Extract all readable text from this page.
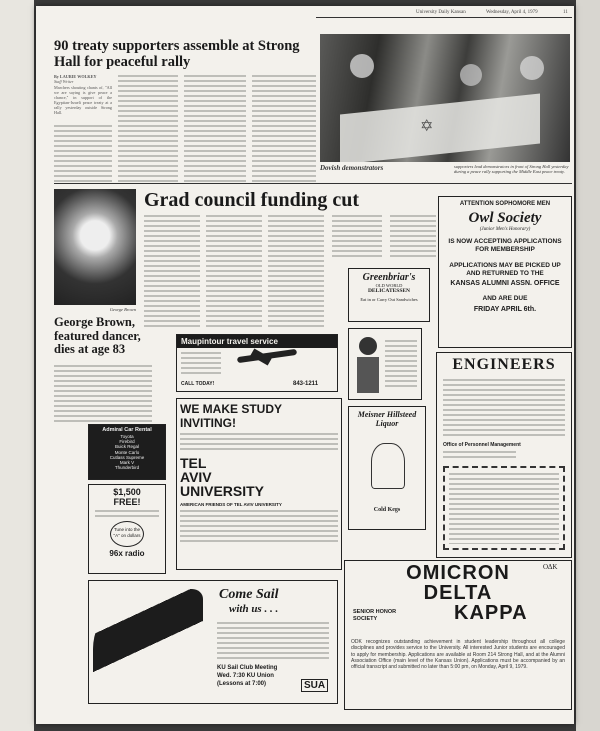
University Daily Kansan	Wednesday, April 4, 1979	11
90 treaty supporters assemble at Strong Hall for peaceful rally
By LAURIE WOLKEY
Staff Writer
Marchers shouting chants of, "All we are saying is give peace a chance," in support of the Egyptian-Israeli peace treaty at a rally yesterday outside Strong Hall.
✡
Dovish demonstrators	supporters lead demonstrators in front of Strong Hall yesterday during a peace rally supporting the Middle East peace treaty.
George Brown
George Brown, featured dancer, dies at age 83
Grad council funding cut	ATTENTION SOPHOMORE MEN
Owl Society
(Junior Men's Honorary)
IS NOW ACCEPTING APPLICATIONS FOR MEMBERSHIP
APPLICATIONS MAY BE PICKED UP AND RETURNED TO THE
KANSAS ALUMNI ASSN. OFFICE
AND ARE DUE
FRIDAY APRIL 6th.
Greenbriar's
OLD WORLD
DELICATESSEN
Eat in or Carry Out Sandwiches
Maupintour travel service
CALL TODAY!	843-1211
ENGINEERS
Office of Personnel Management
WE MAKE STUDY
INVITING!
TEL
AVIV
UNIVERSITY
AMERICAN FRIENDS OF TEL AVIV UNIVERSITY
Meisner Hillsteed Liquor
Cold Kegs
Admiral Car Rental
Toyota
Firebird
Buick Regal
Monte Carlo
Cutlass Supreme
Mark V
Thunderbird
$1,500
FREE!
Tune into the "A" on dollars
96x radio
Come Sail
with us . . .
KU Sail Club Meeting
Wed. 7:30 KU Union
(Lessons at 7:00)	SUA
OMICRON
DELTA
KAPPA
SENIOR HONOR SOCIETY
ΟΔΚ
ODK recognizes outstanding achievement in student leadership throughout all college disciplines and provides service to the University. All interested Junior students are encouraged to apply for membership. Applications are available at Room 214 Strong Hall, and at the Alumni Association Office (main level of the Kansas Union). Applications must be accompanied by an official transcript and submitted no later than 5:00 pm, on Monday, April 9, 1979.
